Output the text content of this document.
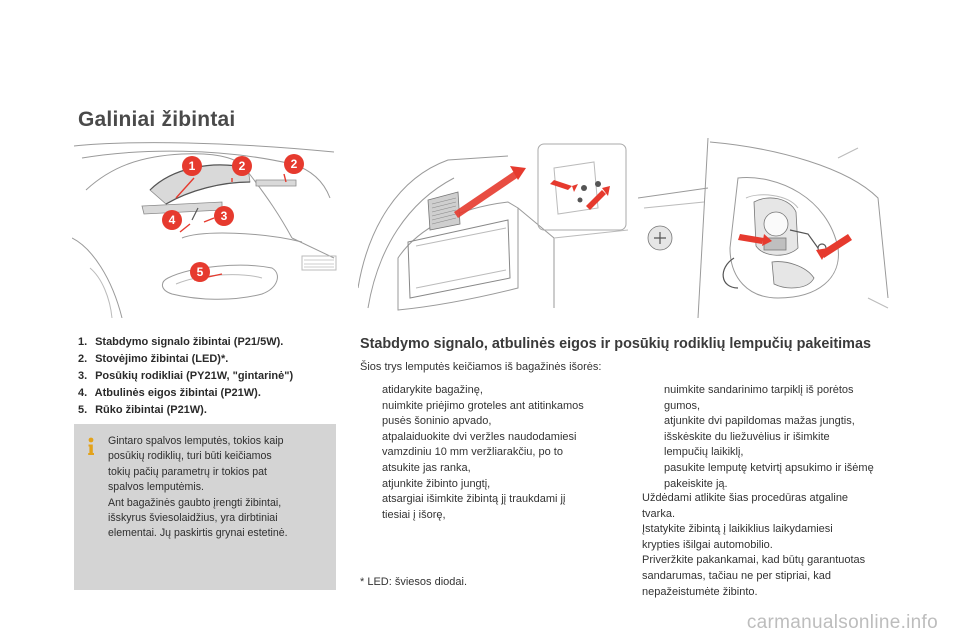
Galiniai žibintai
1	2	2
3
4
5
1. Stabdymo signalo žibintai (P21/5W).
2. Stovėjimo žibintai (LED)*.
3. Posūkių rodikliai (PY21W, "gintarinė")
4. Atbulinės eigos žibintai (P21W).
5. Rūko žibintai (P21W).

Gintaro spalvos lemputės, tokios kaip

posūkių rodiklių, turi būti keičiamos

tokių pačių parametrų ir tokios pat

spalvos lemputėmis.

Ant bagažinės gaubto įrengti žibintai,

išskyrus šviesolaidžius, yra dirbtiniai

elementai. Jų paskirtis grynai estetinė.

Stabdymo signalo, atbulinės eigos ir posūkių rodiklių lempučių pakeitimas
Šios trys lemputės keičiamos iš bagažinės išorės:
atidarykite bagažinę,
nuimkite priėjimo groteles ant atitinkamos
pusės šoninio apvado,
atpalaiduokite dvi veržles naudodamiesi
vamzdiniu 10 mm veržliarakčiu, po to
atsukite jas ranka,
atjunkite žibinto jungtį,
atsargiai išimkite žibintą jį traukdami jį
tiesiai į išorę,
nuimkite sandarinimo tarpiklį iš porėtos
gumos,
atjunkite dvi papildomas mažas jungtis,
išskėskite du liežuvėlius ir išimkite
lempučių laikiklį,
pasukite lemputę ketvirtį apsukimo ir išėmę
pakeiskite ją.

Uždėdami atlikite šias procedūras atgaline

tvarka.

Įstatykite žibintą į laikiklius laikydamiesi

krypties išilgai automobilio.

Priveržkite pakankamai, kad būtų garantuotas

sandarumas, tačiau ne per stipriai, kad

nepažeistumėte žibinto.

* LED: šviesos diodai.
carmanualsonline.info
